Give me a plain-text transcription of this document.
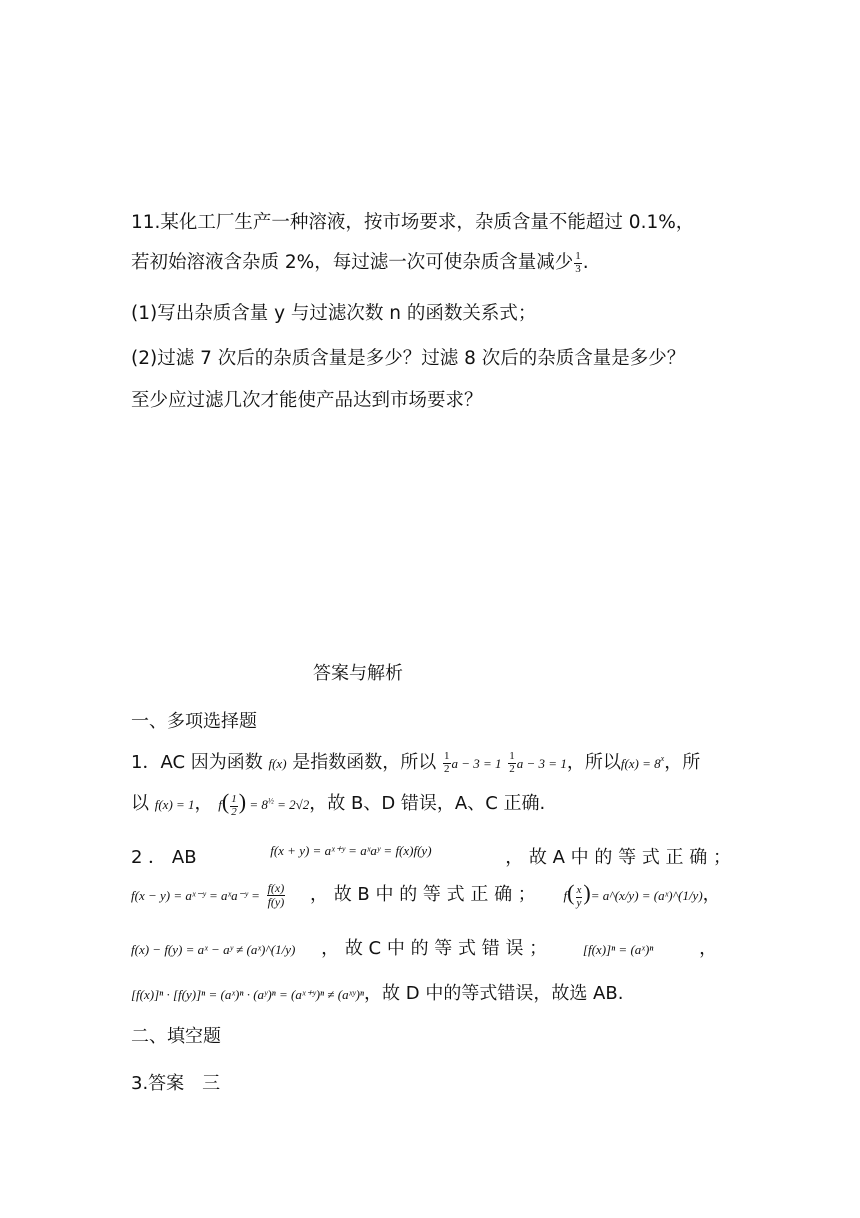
11.某化工厂生产一种溶液，按市场要求，杂质含量不能超过 0.1%，
若初始溶液含杂质 2%，每过滤一次可使杂质含量减少 $\frac{1}{3}$ .
(1)写出杂质含量 y 与过滤次数 n 的函数关系式；
(2)过滤 7 次后的杂质含量是多少？过滤 8 次后的杂质含量是多少？
至少应过滤几次才能使产品达到市场要求？
答案与解析
一、多项选择题
1．AC 因为函数 f(x) 是指数函数，所以 $\frac{1}{2}$ $a - 3 = 1 \frac{1}{2}$ a − 3 = 1，所以$f(x) = 8^x$，所
以 f(x) = 1， $f( \frac{1}{2}$ ) = $8^{\frac{1}{2}} = 2√2$，故 B、D 错误，A、C 正确.
2 ． AB	f(x + y) = aˣ⁺ʸ = aˣaʸ = f(x)f(y)	， 故 A 中 的 等 式 正 确 ；
f(x − y) = aˣ⁻ʸ = aˣa⁻ʸ = $\frac{f(x)}{f(y)}$ ， 故 B 中 的 等 式 正 确 ； $f( \frac{x}{y}$ )= a^(x/y) = (aˣ)^(1/y)，
f(x) − f(y) = aˣ − aʸ ≠ (aˣ)^(1/y) ， 故 C 中 的 等 式 错 误 ；	[f(x)]ⁿ = (aˣ)ⁿ	，
[f(x)]ⁿ · [f(y)]ⁿ = (aˣ)ⁿ · (aʸ)ⁿ = (aˣ⁺ʸ)ⁿ ≠ (aˣʸ)ⁿ，故 D 中的等式错误，故选 AB.
二、填空题
3.答案　三
